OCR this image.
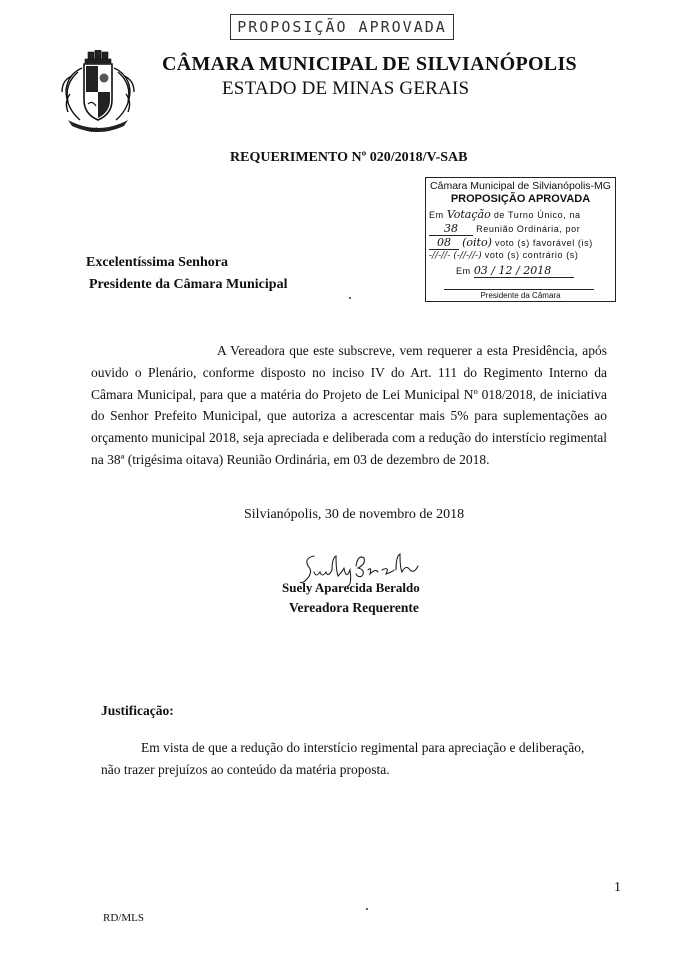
PROPOSIÇÃO APROVADA
MG
CÂMARA MUNICIPAL DE SILVIANÓPOLIS
ESTADO DE MINAS GERAIS
REQUERIMENTO Nº 020/2018/V-SAB
Câmara Municipal de Silvianópolis-MG
PROPOSIÇÃO APROVADA
Em Votação de Turno Único, na
38 Reunião Ordinária, por
08 (oito) voto (s) favorável (is)
-//-//- (-//-//-) voto (s) contrário (s)
Em 03 / 12 / 2018
Presidente da Câmara
Excelentíssima Senhora
Presidente da Câmara Municipal
A Vereadora que este subscreve, vem requerer a esta Presidência, após ouvido o Plenário, conforme disposto no inciso IV do Art. 111 do Regimento Interno da Câmara Municipal, para que a matéria do Projeto de Lei Municipal Nº 018/2018, de iniciativa do Senhor Prefeito Municipal, que autoriza a acrescentar mais 5% para suplementações ao orçamento municipal 2018, seja apreciada e deliberada com a redução do interstício regimental na 38ª (trigésima oitava) Reunião Ordinária, em 03 de dezembro de 2018.
Silvianópolis, 30 de novembro de 2018
Suely Aparecida Beraldo
Vereadora Requerente
Justificação:
Em vista de que a redução do interstício regimental para apreciação e deliberação, não trazer prejuízos ao conteúdo da matéria proposta.
1
RD/MLS
